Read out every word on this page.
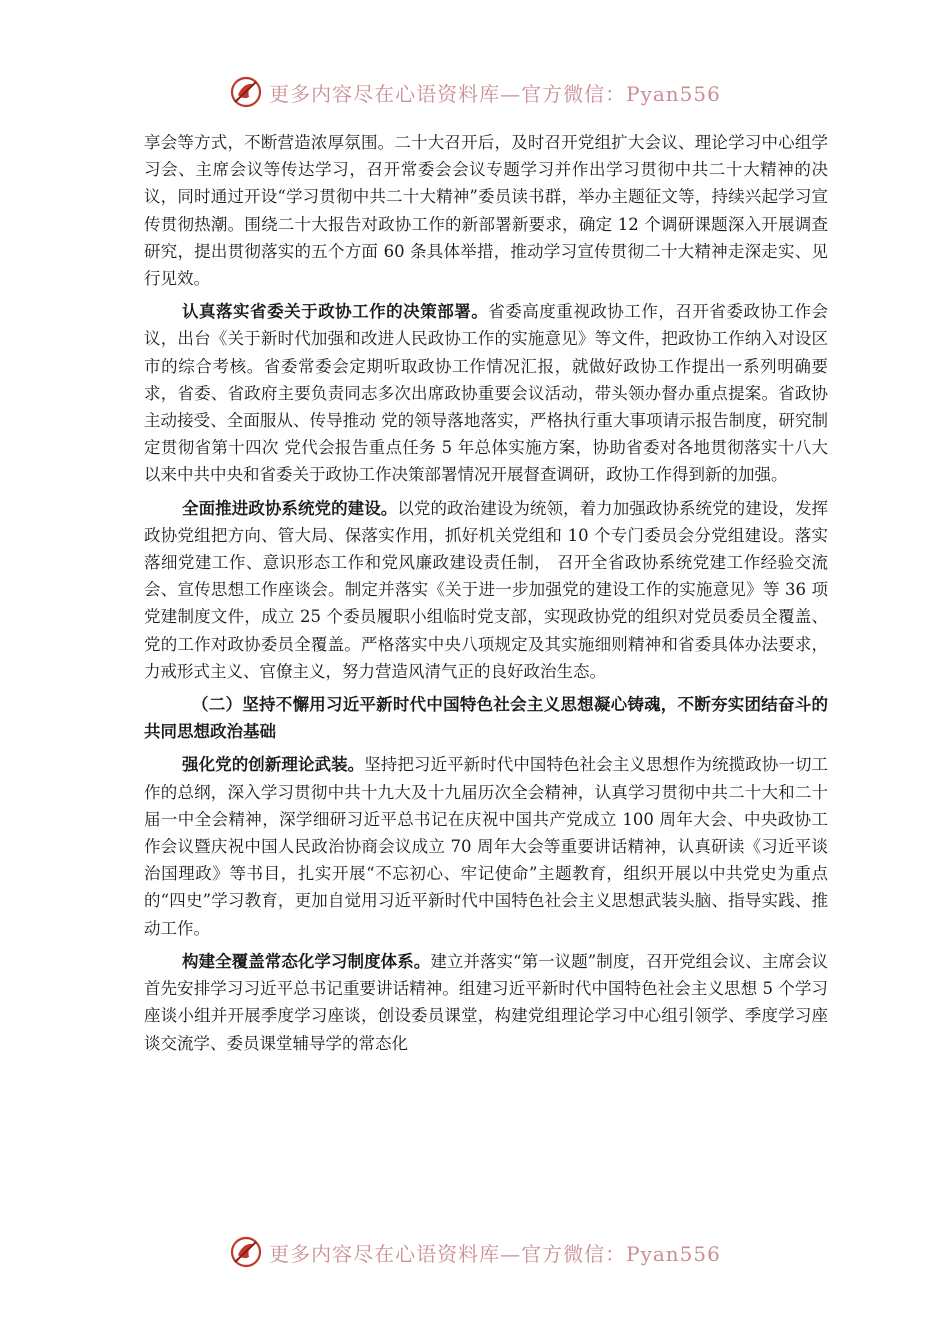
更多内容尽在心语资料库—官方微信：Pyan556

享会等方式，不断营造浓厚氛围。二十大召开后，及时召开党组扩大会议、理论学习中心组学习会、主席会议等传达学习，召开常委会会议专题学习并作出学习贯彻中共二十大精神的决议，同时通过开设“学习贯彻中共二十大精神”委员读书群，举办主题征文等，持续兴起学习宣传贯彻热潮。围绕二十大报告对政协工作的新部署新要求，确定 12 个调研课题深入开展调查研究，提出贯彻落实的五个方面 60 条具体举措，推动学习宣传贯彻二十大精神走深走实、见行见效。

认真落实省委关于政协工作的决策部署。省委高度重视政协工作，召开省委政协工作会议，出台《关于新时代加强和改进人民政协工作的实施意见》等文件，把政协工作纳入对设区市的综合考核。省委常委会定期听取政协工作情况汇报，就做好政协工作提出一系列明确要求，省委、省政府主要负责同志多次出席政协重要会议活动，带头领办督办重点提案。省政协主动接受、全面服从、传导推动 党的领导落地落实，严格执行重大事项请示报告制度，研究制定贯彻省第十四次 党代会报告重点任务 5 年总体实施方案，协助省委对各地贯彻落实十八大以来中共中央和省委关于政协工作决策部署情况开展督查调研，政协工作得到新的加强。

全面推进政协系统党的建设。以党的政治建设为统领，着力加强政协系统党的建设，发挥政协党组把方向、管大局、保落实作用，抓好机关党组和 10 个专门委员会分党组建设。落实落细党建工作、意识形态工作和党风廉政建设责任制， 召开全省政协系统党建工作经验交流会、宣传思想工作座谈会。制定并落实《关于进一步加强党的建设工作的实施意见》等 36 项党建制度文件，成立 25 个委员履职小组临时党支部，实现政协党的组织对党员委员全覆盖、党的工作对政协委员全覆盖。严格落实中央八项规定及其实施细则精神和省委具体办法要求，力戒形式主义、官僚主义，努力营造风清气正的良好政治生态。

（二）坚持不懈用习近平新时代中国特色社会主义思想凝心铸魂，不断夯实团结奋斗的共同思想政治基础

强化党的创新理论武装。坚持把习近平新时代中国特色社会主义思想作为统揽政协一切工作的总纲，深入学习贯彻中共十九大及十九届历次全会精神，认真学习贯彻中共二十大和二十届一中全会精神，深学细研习近平总书记在庆祝中国共产党成立 100 周年大会、中央政协工作会议暨庆祝中国人民政治协商会议成立 70 周年大会等重要讲话精神，认真研读《习近平谈治国理政》等书目，扎实开展“不忘初心、牢记使命”主题教育，组织开展以中共党史为重点的“四史”学习教育，更加自觉用习近平新时代中国特色社会主义思想武装头脑、指导实践、推动工作。

构建全覆盖常态化学习制度体系。建立并落实“第一议题”制度，召开党组会议、主席会议首先安排学习习近平总书记重要讲话精神。组建习近平新时代中国特色社会主义思想 5 个学习座谈小组并开展季度学习座谈，创设委员课堂，构建党组理论学习中心组引领学、季度学习座谈交流学、委员课堂辅导学的常态化

更多内容尽在心语资料库—官方微信：Pyan556
